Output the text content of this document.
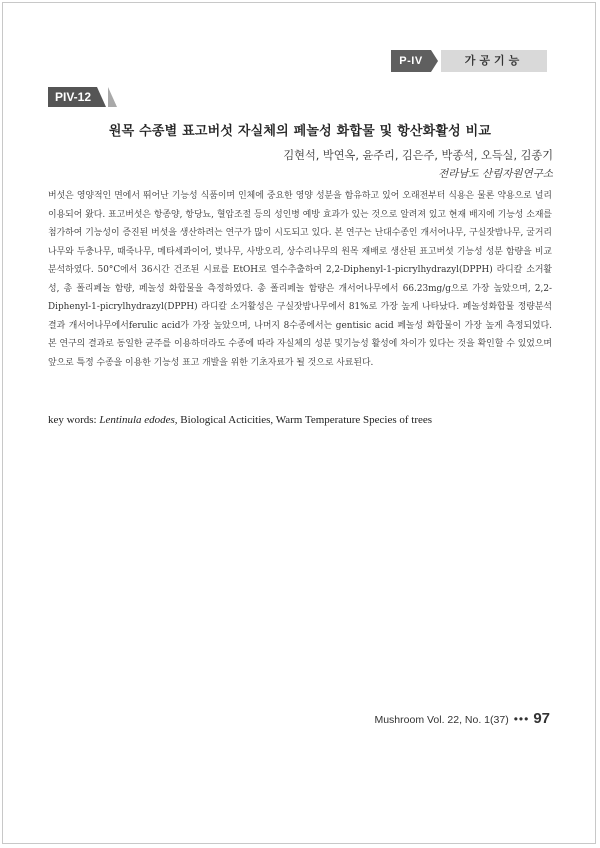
P-IV	가공기능
PIV-12
원목 수종별 표고버섯 자실체의 페놀성 화합물 및 항산화활성 비교
김현석, 박연옥, 윤주리, 김은주, 박종석, 오득실, 김종기
전라남도 산림자원연구소

버섯은 영양적인 면에서 뛰어난 기능성 식품이며 인체에 중요한 영양 성분을 함유하고 있어 오래전부터 식용은 물론 약용으로 널리 이용되어 왔다. 표고버섯은 항종양, 항당뇨, 혈압조절 등의 성인병 예방 효과가 있는 것으로 알려져 있고 현재 배지에 기능성 소재를 첨가하여 기능성이 증진된 버섯을 생산하려는 연구가 많이 시도되고 있다. 본 연구는 난대수종인 개서어나무, 구실잣밤나무, 굴거리나무와 두충나무, 때죽나무, 메타세콰이어, 벚나무, 사방오리, 상수리나무의 원목 재배로 생산된 표고버섯 기능성 성분 함량을 비교분석하였다. 50°C에서 36시간 건조된 시료를 EtOH로 열수추출하여 2,2-Diphenyl-1-picrylhydrazyl(DPPH) 라디칼 소거활성, 총 폴리페놀 함량, 페놀성 화합물을 측정하였다. 총 폴리페놀 함량은 개서어나무에서 66.23mg/g으로 가장 높았으며, 2,2-Diphenyl-1-picrylhydrazyl(DPPH) 라디칼 소거활성은 구실잣밤나무에서 81%로 가장 높게 나타났다. 페놀성화합물 정량분석 결과 개서어나무에서ferulic acid가 가장 높았으며, 나머지 8수종에서는 gentisic acid 페놀성 화합물이 가장 높게 측정되었다. 본 연구의 결과로 동일한 균주를 이용하더라도 수종에 따라 자실체의 성분 및기능성 활성에 차이가 있다는 것을 확인할 수 있었으며 앞으로 특정 수종을 이용한 기능성 표고 개발을 위한 기초자료가 될 것으로 사료된다.

key words: Lentinula edodes, Biological Acticities, Warm Temperature Species of trees
Mushroom Vol. 22, No. 1(37) ••• 97
